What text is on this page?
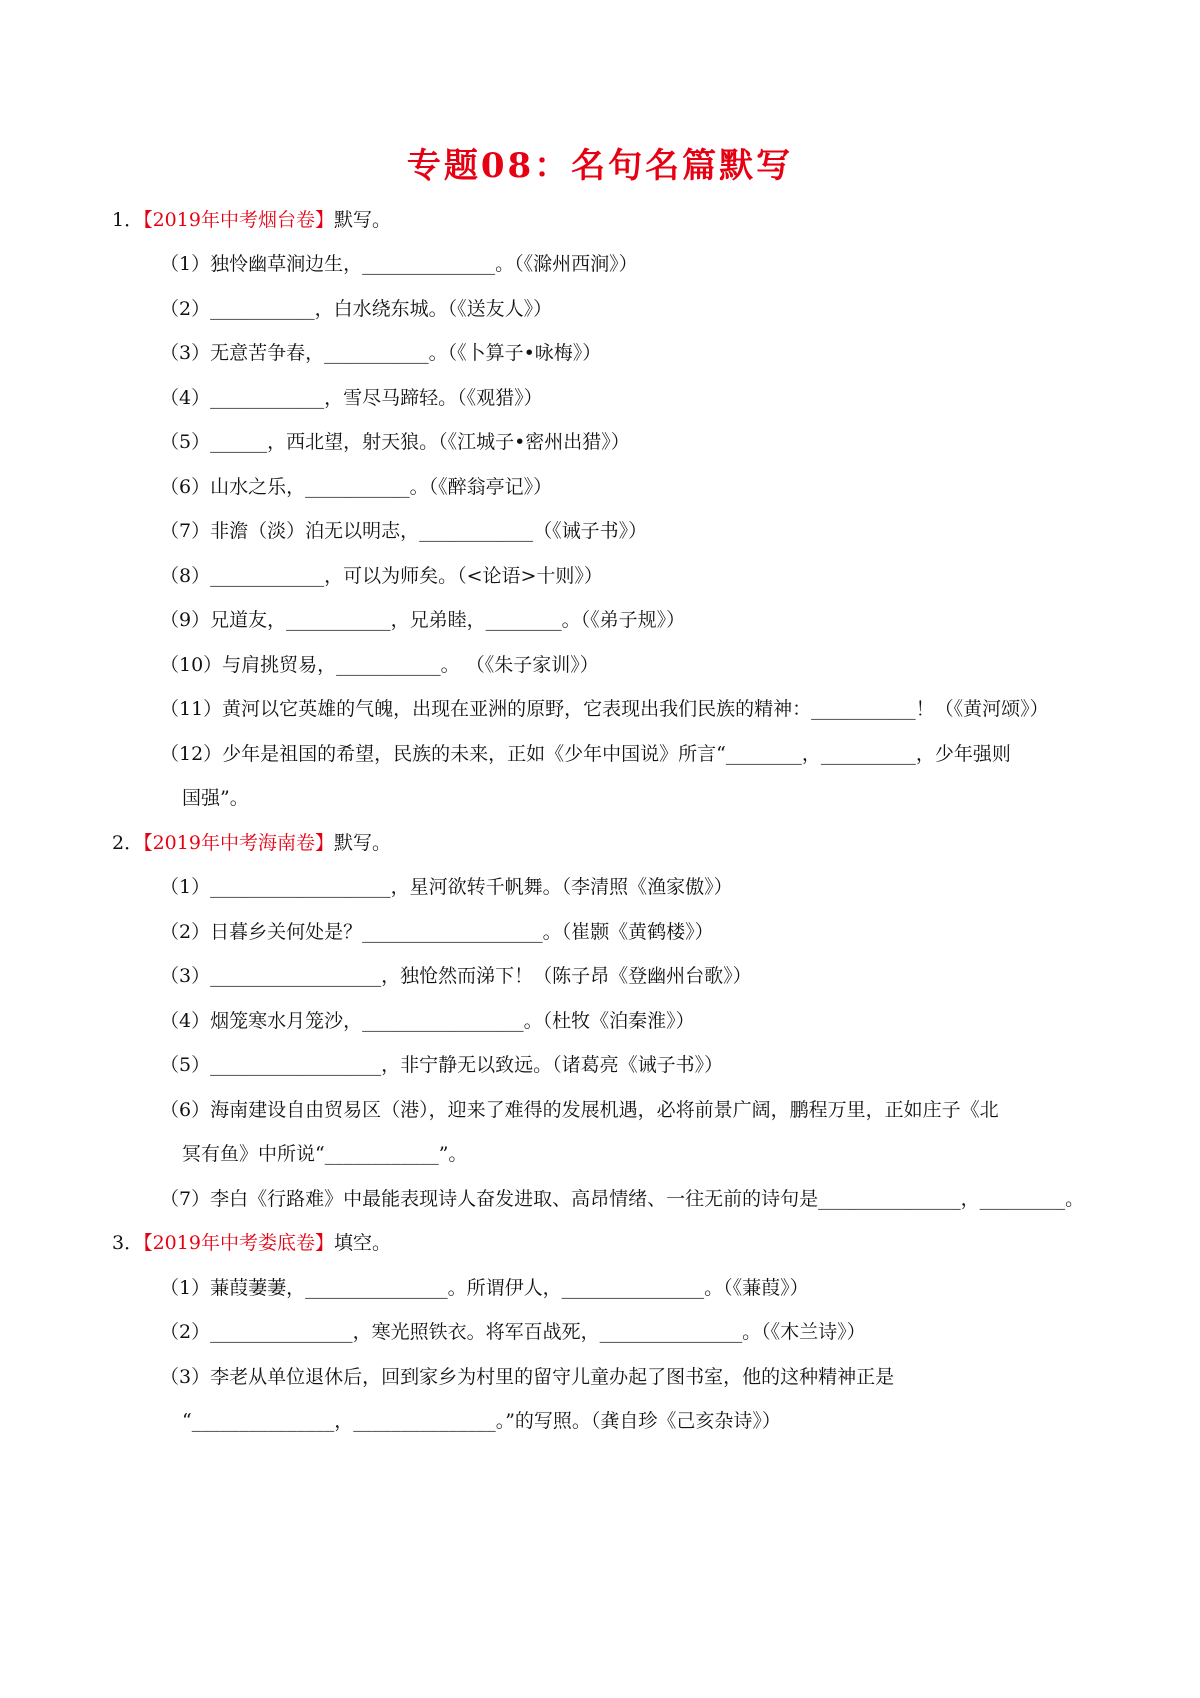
专题08：名句名篇默写
1．【2019年中考烟台卷】默写。
（1）独怜幽草涧边生，______________。（《滁州西涧》）
（2）___________，白水绕东城。（《送友人》）
（3）无意苦争春，___________。（《卜算子•咏梅》）
（4）____________，雪尽马蹄轻。（《观猎》）
（5）______，西北望，射天狼。（《江城子•密州出猎》）
（6）山水之乐，___________。（《醉翁亭记》）
（7）非澹（淡）泊无以明志，____________（《诫子书》）
（8）____________，可以为师矣。（<论语>十则》）
（9）兄道友，___________，兄弟睦，________。（《弟子规》）
（10）与肩挑贸易，___________。 （《朱子家训》）
（11）黄河以它英雄的气魄，出现在亚洲的原野，它表现出我们民族的精神：___________！（《黄河颂》）
（12）少年是祖国的希望，民族的未来，正如《少年中国说》所言“________，__________，少年强则
国强”。
2．【2019年中考海南卷】默写。
（1）___________________，星河欲转千帆舞。（李清照《渔家傲》）
（2）日暮乡关何处是？___________________。（崔颢《黄鹤楼》）
（3）__________________，独怆然而涕下！（陈子昂《登幽州台歌》）
（4）烟笼寒水月笼沙，_________________。（杜牧《泊秦淮》）
（5）__________________，非宁静无以致远。（诸葛亮《诫子书》）
（6）海南建设自由贸易区（港），迎来了难得的发展机遇，必将前景广阔，鹏程万里，正如庄子《北
冥有鱼》中所说“____________”。
（7）李白《行路难》中最能表现诗人奋发进取、高昂情绪、一往无前的诗句是_______________，_________。
3．【2019年中考娄底卷】填空。
（1）蒹葭萋萋，_______________。所谓伊人，_______________。（《蒹葭》）
（2）_______________，寒光照铁衣。将军百战死，_______________。（《木兰诗》）
（3）李老从单位退休后，回到家乡为村里的留守儿童办起了图书室，他的这种精神正是
“_______________，_______________。”的写照。（龚自珍《己亥杂诗》）
